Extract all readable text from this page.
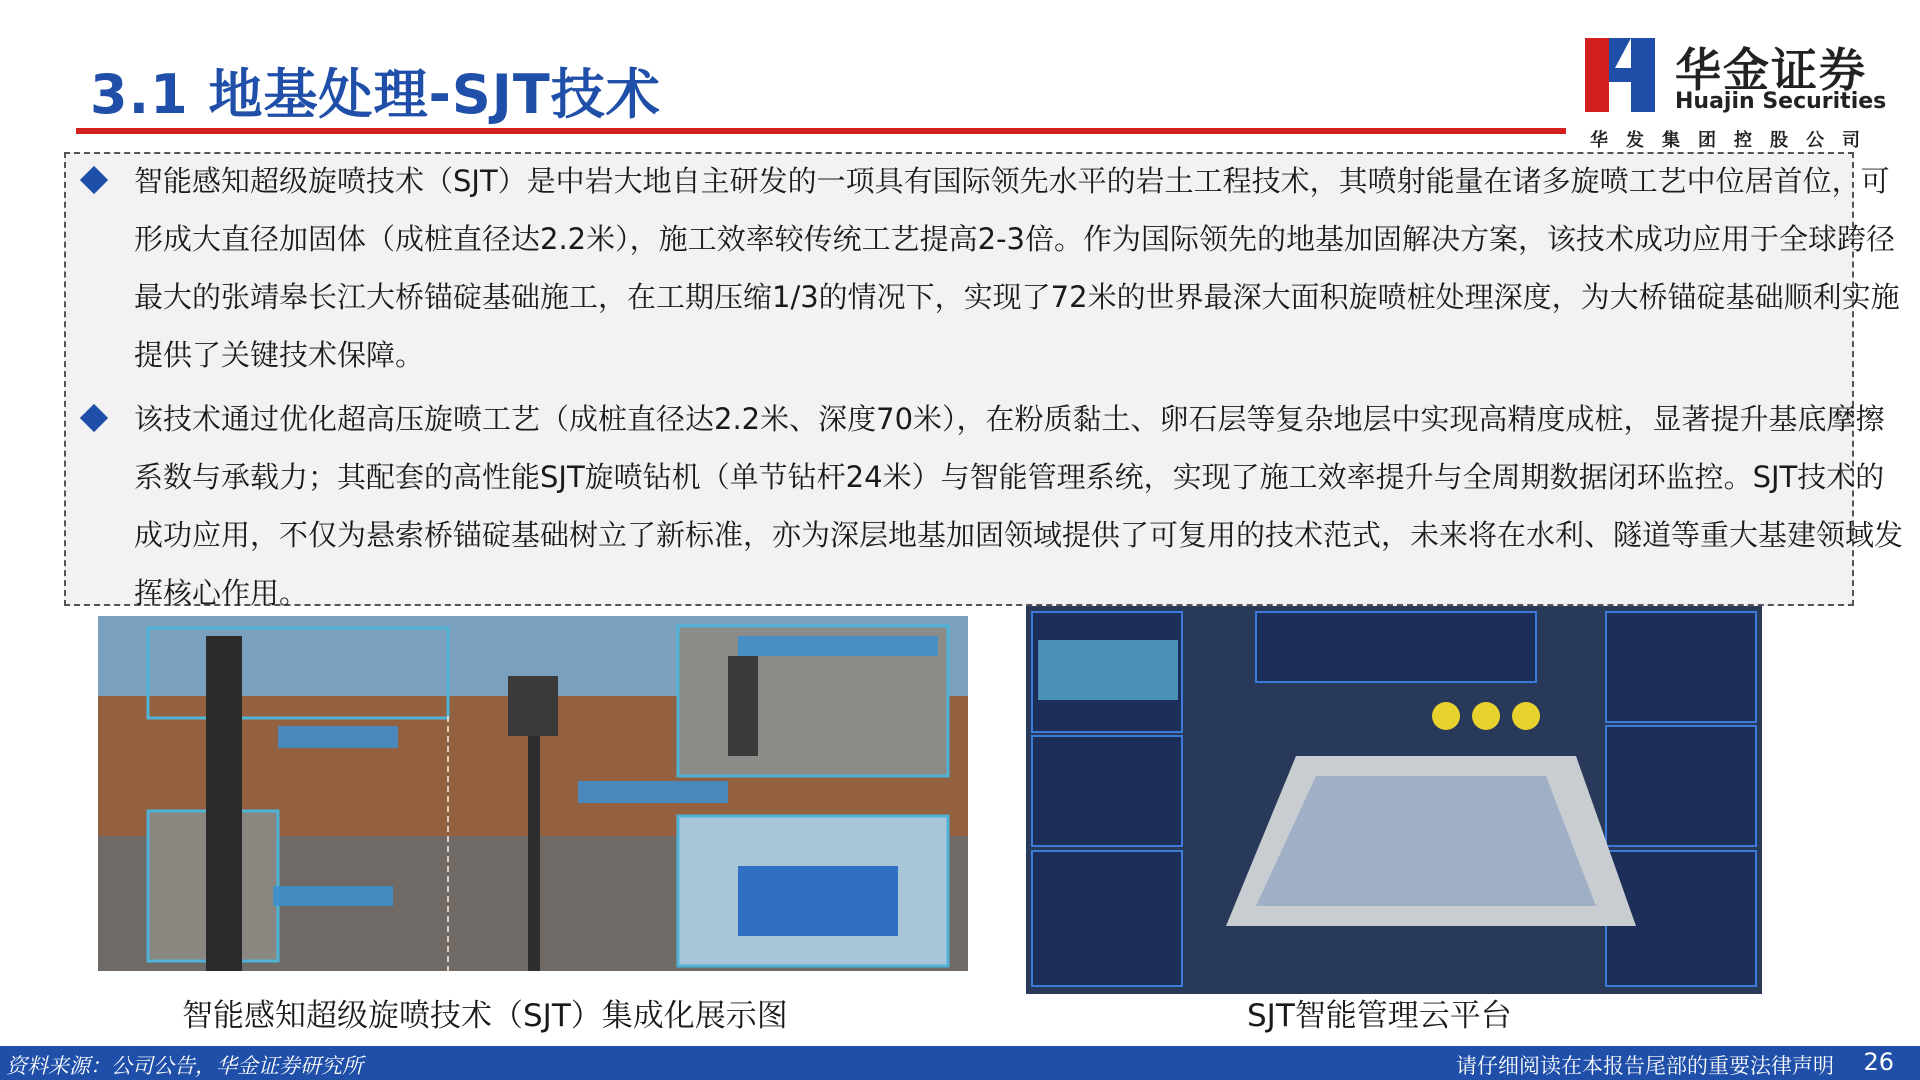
3.1 地基处理-SJT技术	华金证券
Huajin Securities
华发集团控股公司
智能感知超级旋喷技术（SJT）是中岩大地自主研发的一项具有国际领先水平的岩土工程技术，其喷射能量在诸多旋喷工艺中位居首位，可形成大直径加固体（成桩直径达2.2米），施工效率较传统工艺提高2-3倍。作为国际领先的地基加固解决方案，该技术成功应用于全球跨径最大的张靖皋长江大桥锚碇基础施工，在工期压缩1/3的情况下，实现了72米的世界最深大面积旋喷桩处理深度，为大桥锚碇基础顺利实施提供了关键技术保障。
该技术通过优化超高压旋喷工艺（成桩直径达2.2米、深度70米），在粉质黏土、卵石层等复杂地层中实现高精度成桩，显著提升基底摩擦系数与承载力；其配套的高性能SJT旋喷钻机（单节钻杆24米）与智能管理系统，实现了施工效率提升与全周期数据闭环监控。SJT技术的成功应用，不仅为悬索桥锚碇基础树立了新标准，亦为深层地基加固领域提供了可复用的技术范式，未来将在水利、隧道等重大基建领域发挥核心作用。
智能感知超级旋喷技术（SJT）集成化展示图	SJT智能管理云平台
资料来源：公司公告，华金证券研究所	请仔细阅读在本报告尾部的重要法律声明 26
